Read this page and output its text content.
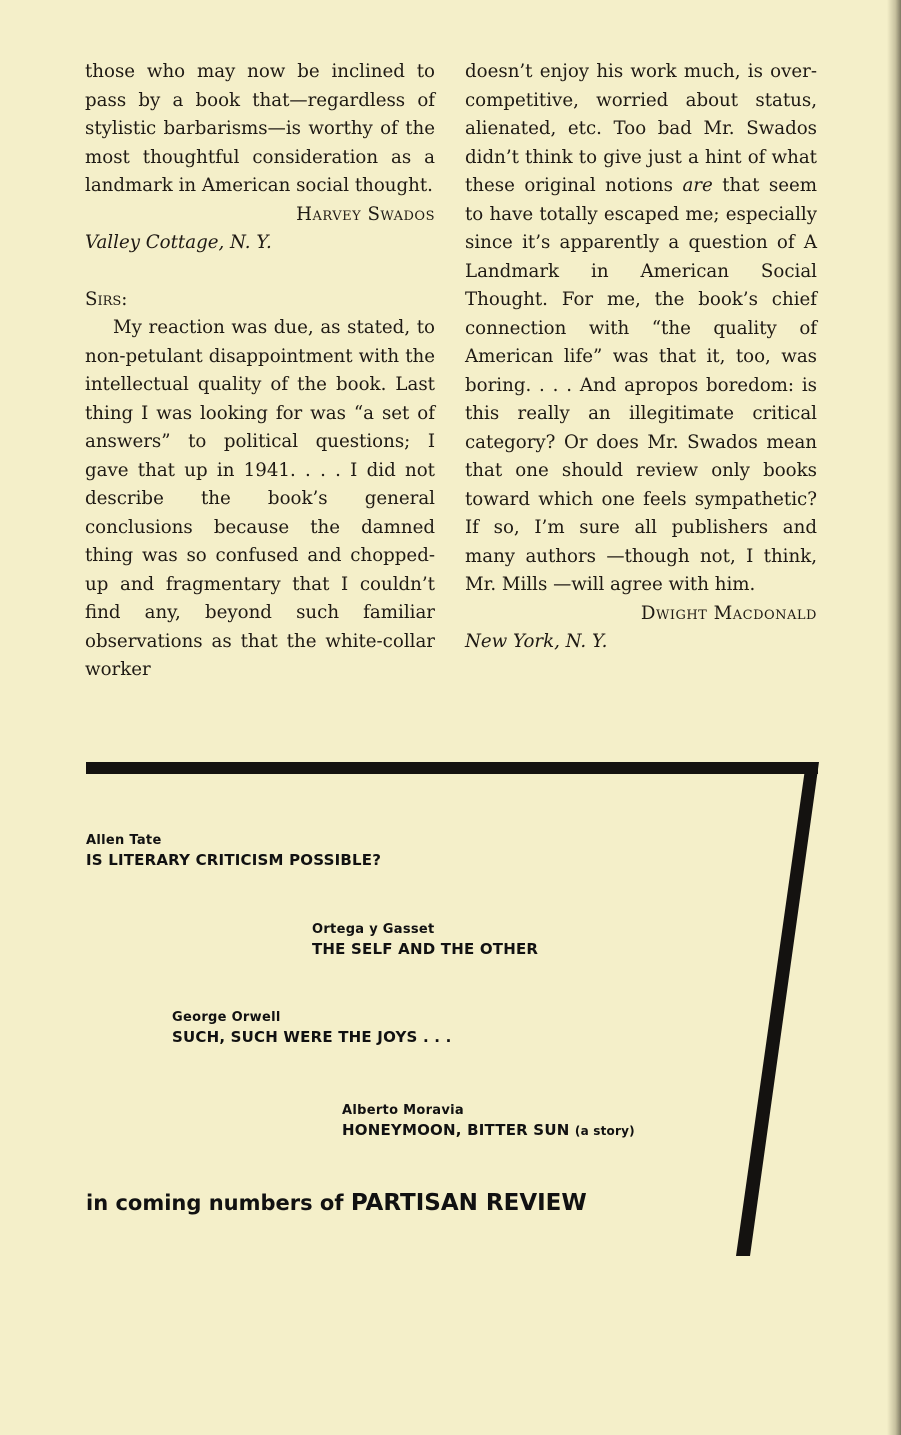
those who may now be inclined to pass by a book that—regardless of stylistic barbarisms—is worthy of the most thoughtful consideration as a landmark in American social thought.

Harvey Swados

Valley Cottage, N. Y.

Sirs:

My reaction was due, as stated, to non-petulant disappointment with the intellectual quality of the book. Last thing I was looking for was “a set of answers” to political questions; I gave that up in 1941. . . . I did not describe the book’s general conclusions because the damned thing was so confused and chopped-up and fragmentary that I couldn’t find any, beyond such familiar observations as that the white-collar worker

doesn’t enjoy his work much, is over-competitive, worried about status, alienated, etc. Too bad Mr. Swados didn’t think to give just a hint of what these original notions are that seem to have totally escaped me; especially since it’s apparently a question of A Landmark in American Social Thought. For me, the book’s chief connection with “the quality of American life” was that it, too, was boring. . . . And apropos boredom: is this really an illegitimate critical category? Or does Mr. Swados mean that one should review only books toward which one feels sympathetic? If so, I’m sure all publishers and many authors —though not, I think, Mr. Mills —will agree with him.

Dwight Macdonald

New York, N. Y.

Allen Tate
IS LITERARY CRITICISM POSSIBLE?
Ortega y Gasset
THE SELF AND THE OTHER
George Orwell
SUCH, SUCH WERE THE JOYS . . .
Alberto Moravia
HONEYMOON, BITTER SUN (a story)
in coming numbers of PARTISAN REVIEW
